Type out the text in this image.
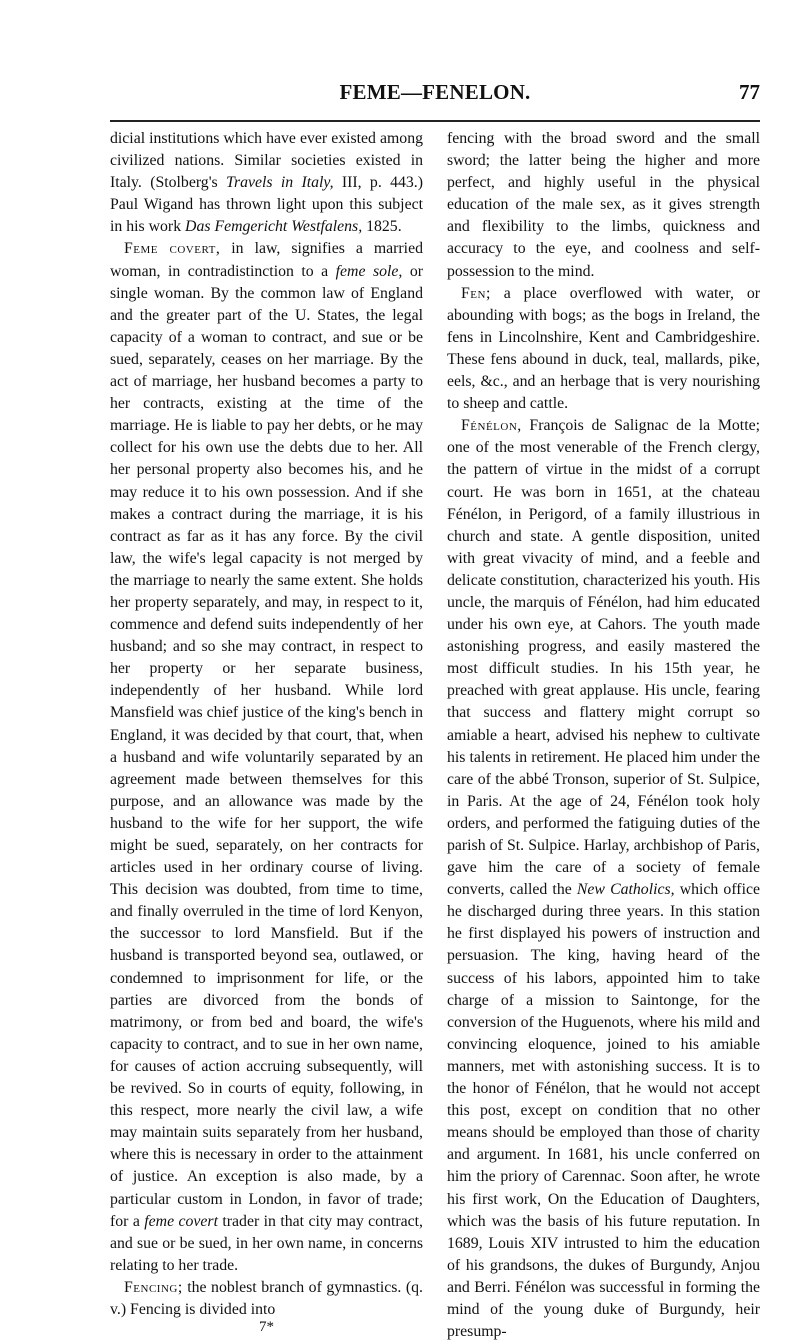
FEME—FENELON.	77

dicial institutions which have ever existed among civilized nations. Similar societies existed in Italy. (Stolberg's Travels in Italy, III, p. 443.) Paul Wigand has thrown light upon this subject in his work Das Femgericht Westfalens, 1825.

Feme covert, in law, signifies a married woman, in contradistinction to a feme sole, or single woman. By the common law of England and the greater part of the U. States, the legal capacity of a woman to contract, and sue or be sued, separately, ceases on her marriage. By the act of marriage, her husband becomes a party to her contracts, existing at the time of the marriage. He is liable to pay her debts, or he may collect for his own use the debts due to her. All her personal property also becomes his, and he may reduce it to his own possession. And if she makes a contract during the marriage, it is his contract as far as it has any force. By the civil law, the wife's legal capacity is not merged by the marriage to nearly the same extent. She holds her property separately, and may, in respect to it, commence and defend suits independently of her husband; and so she may contract, in respect to her property or her separate business, independently of her husband. While lord Mansfield was chief justice of the king's bench in England, it was decided by that court, that, when a husband and wife voluntarily separated by an agreement made between themselves for this purpose, and an allowance was made by the husband to the wife for her support, the wife might be sued, separately, on her contracts for articles used in her ordinary course of living. This decision was doubted, from time to time, and finally overruled in the time of lord Kenyon, the successor to lord Mansfield. But if the husband is transported beyond sea, outlawed, or condemned to imprisonment for life, or the parties are divorced from the bonds of matrimony, or from bed and board, the wife's capacity to contract, and to sue in her own name, for causes of action accruing subsequently, will be revived. So in courts of equity, following, in this respect, more nearly the civil law, a wife may maintain suits separately from her husband, where this is necessary in order to the attainment of justice. An exception is also made, by a particular custom in London, in favor of trade; for a feme covert trader in that city may contract, and sue or be sued, in her own name, in concerns relating to her trade.

Fencing; the noblest branch of gymnastics. (q. v.) Fencing is divided into

7*

fencing with the broad sword and the small sword; the latter being the higher and more perfect, and highly useful in the physical education of the male sex, as it gives strength and flexibility to the limbs, quickness and accuracy to the eye, and coolness and self-possession to the mind.

Fen; a place overflowed with water, or abounding with bogs; as the bogs in Ireland, the fens in Lincolnshire, Kent and Cambridgeshire. These fens abound in duck, teal, mallards, pike, eels, &c., and an herbage that is very nourishing to sheep and cattle.

Fénélon, François de Salignac de la Motte; one of the most venerable of the French clergy, the pattern of virtue in the midst of a corrupt court. He was born in 1651, at the chateau Fénélon, in Perigord, of a family illustrious in church and state. A gentle disposition, united with great vivacity of mind, and a feeble and delicate constitution, characterized his youth. His uncle, the marquis of Fénélon, had him educated under his own eye, at Cahors. The youth made astonishing progress, and easily mastered the most difficult studies. In his 15th year, he preached with great applause. His uncle, fearing that success and flattery might corrupt so amiable a heart, advised his nephew to cultivate his talents in retirement. He placed him under the care of the abbé Tronson, superior of St. Sulpice, in Paris. At the age of 24, Fénélon took holy orders, and performed the fatiguing duties of the parish of St. Sulpice. Harlay, archbishop of Paris, gave him the care of a society of female converts, called the New Catholics, which office he discharged during three years. In this station he first displayed his powers of instruction and persuasion. The king, having heard of the success of his labors, appointed him to take charge of a mission to Saintonge, for the conversion of the Huguenots, where his mild and convincing eloquence, joined to his amiable manners, met with astonishing success. It is to the honor of Fénélon, that he would not accept this post, except on condition that no other means should be employed than those of charity and argument. In 1681, his uncle conferred on him the priory of Carennac. Soon after, he wrote his first work, On the Education of Daughters, which was the basis of his future reputation. In 1689, Louis XIV intrusted to him the education of his grandsons, the dukes of Burgundy, Anjou and Berri. Fénélon was successful in forming the mind of the young duke of Burgundy, heir presump-
